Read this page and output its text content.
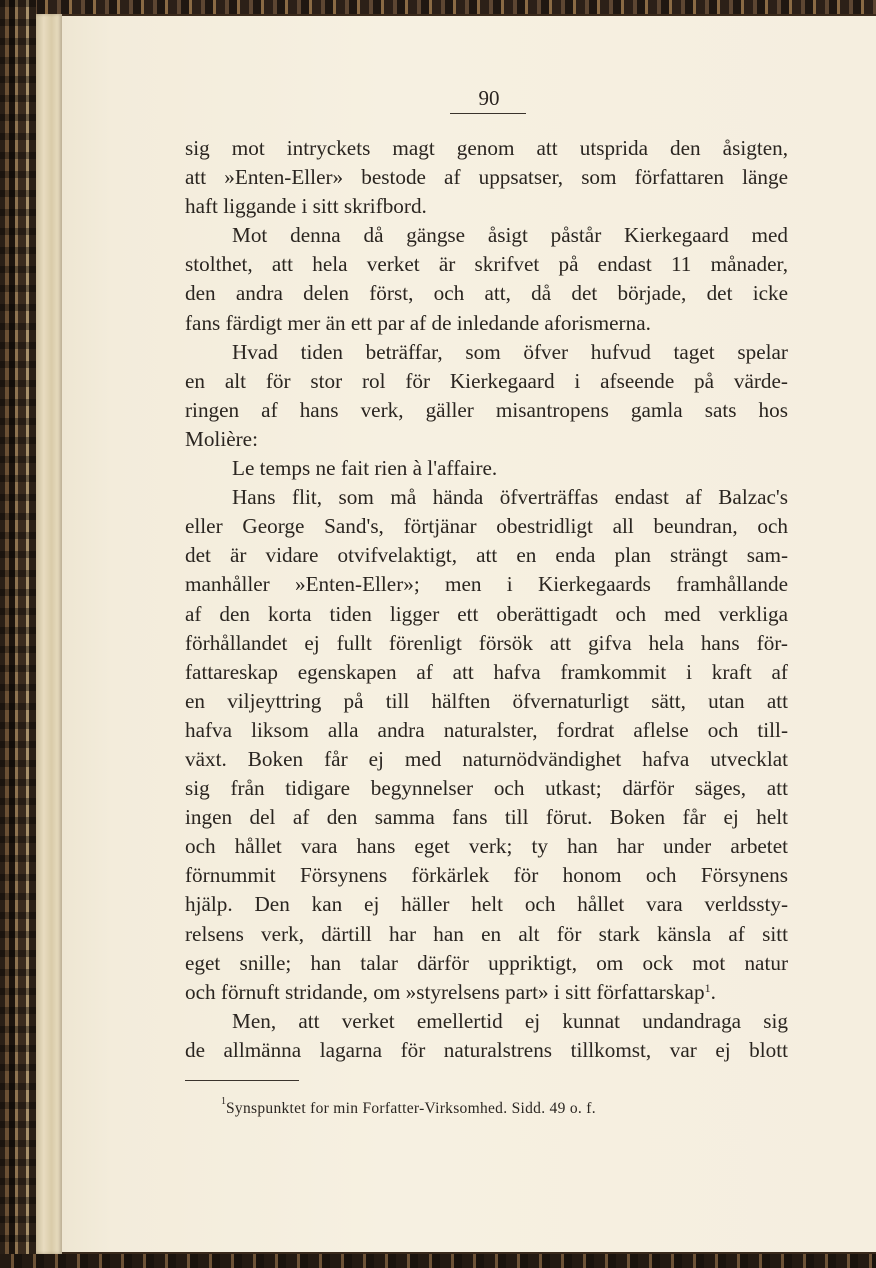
90
sig mot intryckets magt genom att utsprida den åsigten,
att »Enten-Eller» bestode af uppsatser, som författaren länge
haft liggande i sitt skrifbord.
Mot denna då gängse åsigt påstår Kierkegaard med
stolthet, att hela verket är skrifvet på endast 11 månader,
den andra delen först, och att, då det började, det icke
fans färdigt mer än ett par af de inledande aforismerna.
Hvad tiden beträffar, som öfver hufvud taget spelar
en alt för stor rol för Kierkegaard i afseende på värde-
ringen af hans verk, gäller misantropens gamla sats hos
Molière:
Le temps ne fait rien à l'affaire.
Hans flit, som må hända öfverträffas endast af Balzac's
eller George Sand's, förtjänar obestridligt all beundran, och
det är vidare otvifvelaktigt, att en enda plan strängt sam-
manhåller »Enten-Eller»; men i Kierkegaards framhållande
af den korta tiden ligger ett oberättigadt och med verkliga
förhållandet ej fullt förenligt försök att gifva hela hans för-
fattareskap egenskapen af att hafva framkommit i kraft af
en viljeyttring på till hälften öfvernaturligt sätt, utan att
hafva liksom alla andra naturalster, fordrat aflelse och till-
växt. Boken får ej med naturnödvändighet hafva utvecklat
sig från tidigare begynnelser och utkast; därför säges, att
ingen del af den samma fans till förut. Boken får ej helt
och hållet vara hans eget verk; ty han har under arbetet
förnummit Försynens förkärlek för honom och Försynens
hjälp. Den kan ej häller helt och hållet vara verldssty-
relsens verk, därtill har han en alt för stark känsla af sitt
eget snille; han talar därför uppriktigt, om ock mot natur
och förnuft stridande, om »styrelsens part» i sitt författarskap$^1$.
Men, att verket emellertid ej kunnat undandraga sig
de allmänna lagarna för naturalstrens tillkomst, var ej blott
1 Synspunktet for min Forfatter-Virksomhed. Sidd. 49 o. f.
